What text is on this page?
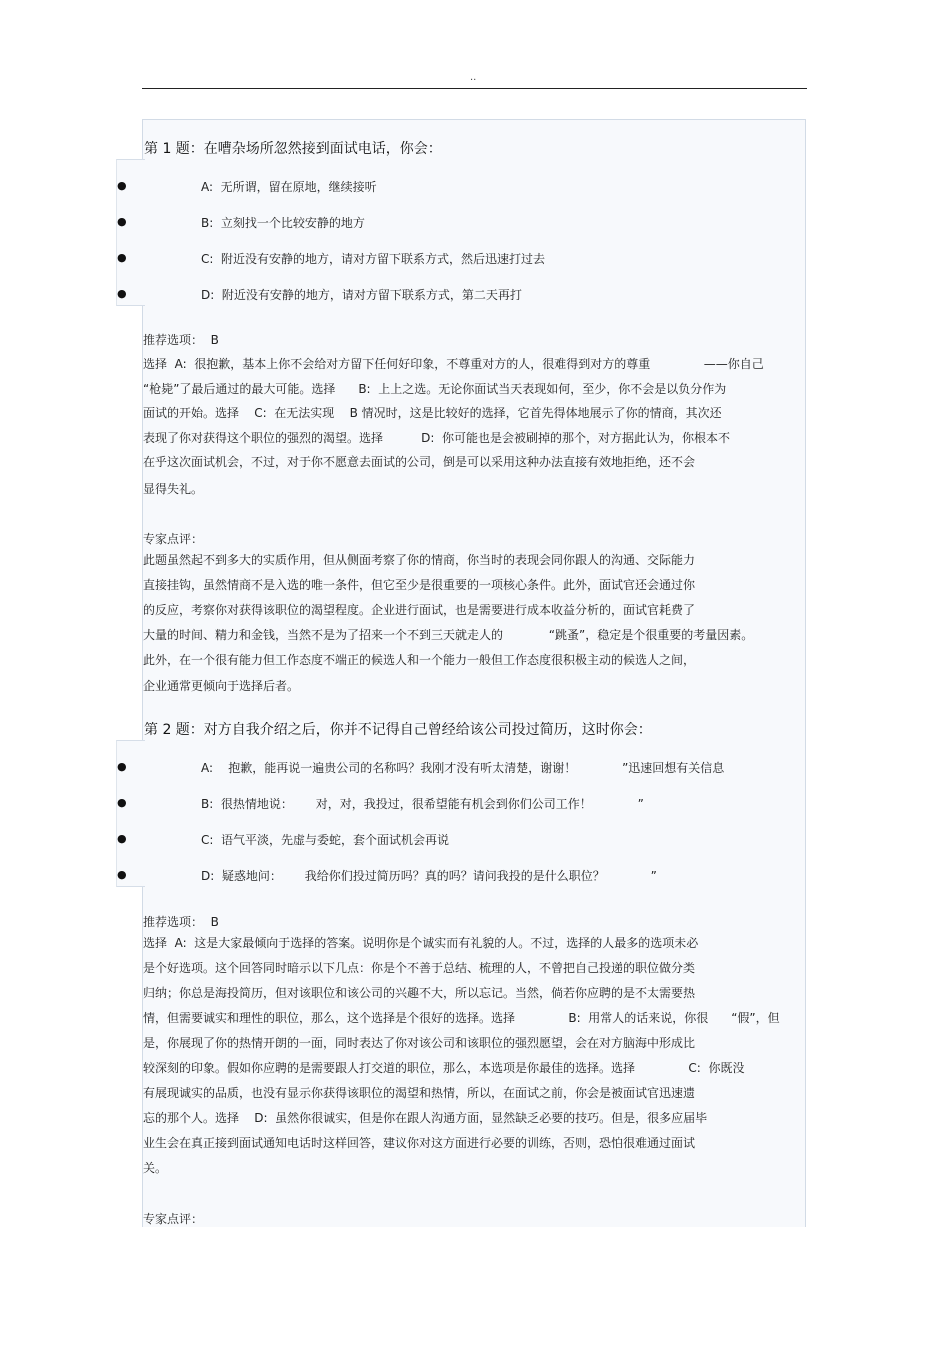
..
第 1 题：在嘈杂场所忽然接到面试电话，你会：
●	A:  无所谓，留在原地，继续接听
●	B:  立刻找一个比较安静的地方
●	C:  附近没有安静的地方，请对方留下联系方式，然后迅速打过去
●	D:  附近没有安静的地方，请对方留下联系方式，第二天再打
推荐选项：  B
选择  A:  很抱歉，基本上你不会给对方留下任何好印象，不尊重对方的人，很难得到对方的尊重              ——你自己
“枪毙”了最后通过的最大可能。选择      B:  上上之选。无论你面试当天表现如何，至少，你不会是以负分作为
面试的开始。选择    C:  在无法实现    B 情况时，这是比较好的选择，它首先得体地展示了你的情商，其次还
表现了你对获得这个职位的强烈的渴望。选择          D:  你可能也是会被刷掉的那个，对方据此认为，你根本不
在乎这次面试机会，不过，对于你不愿意去面试的公司，倒是可以采用这种办法直接有效地拒绝，还不会
显得失礼。
专家点评：
此题虽然起不到多大的实质作用，但从侧面考察了你的情商，你当时的表现会同你跟人的沟通、交际能力
直接挂钩，虽然情商不是入选的唯一条件，但它至少是很重要的一项核心条件。此外，面试官还会通过你
的反应，考察你对获得该职位的渴望程度。企业进行面试，也是需要进行成本收益分析的，面试官耗费了
大量的时间、精力和金钱，当然不是为了招来一个不到三天就走人的            “跳蚤”，稳定是个很重要的考量因素。
此外，在一个很有能力但工作态度不端正的候选人和一个能力一般但工作态度很积极主动的候选人之间，
企业通常更倾向于选择后者。
第 2 题：对方自我介绍之后，你并不记得自己曾经给该公司投过简历，这时你会：
●	A:    抱歉，能再说一遍贵公司的名称吗？我刚才没有听太清楚，谢谢！            ”迅速回想有关信息
●	B:  很热情地说：      对，对，我投过，很希望能有机会到你们公司工作！            ”
●	C:  语气平淡，先虚与委蛇，套个面试机会再说
●	D:  疑惑地问：      我给你们投过简历吗？真的吗？请问我投的是什么职位？            ”
推荐选项：  B
选择  A:  这是大家最倾向于选择的答案。说明你是个诚实而有礼貌的人。不过，选择的人最多的选项未必
是个好选项。这个回答同时暗示以下几点：你是个不善于总结、梳理的人，不曾把自己投递的职位做分类
归纳；你总是海投简历，但对该职位和该公司的兴趣不大，所以忘记。当然，倘若你应聘的是不太需要热
情，但需要诚实和理性的职位，那么，这个选择是个很好的选择。选择              B:  用常人的话来说，你很      “假”，但
是，你展现了你的热情开朗的一面，同时表达了你对该公司和该职位的强烈愿望，会在对方脑海中形成比
较深刻的印象。假如你应聘的是需要跟人打交道的职位，那么，本选项是你最佳的选择。选择              C:  你既没
有展现诚实的品质，也没有显示你获得该职位的渴望和热情，所以，在面试之前，你会是被面试官迅速遗
忘的那个人。选择    D:  虽然你很诚实，但是你在跟人沟通方面，显然缺乏必要的技巧。但是，很多应届毕
业生会在真正接到面试通知电话时这样回答，建议你对这方面进行必要的训练，否则，恐怕很难通过面试
关。
专家点评：
